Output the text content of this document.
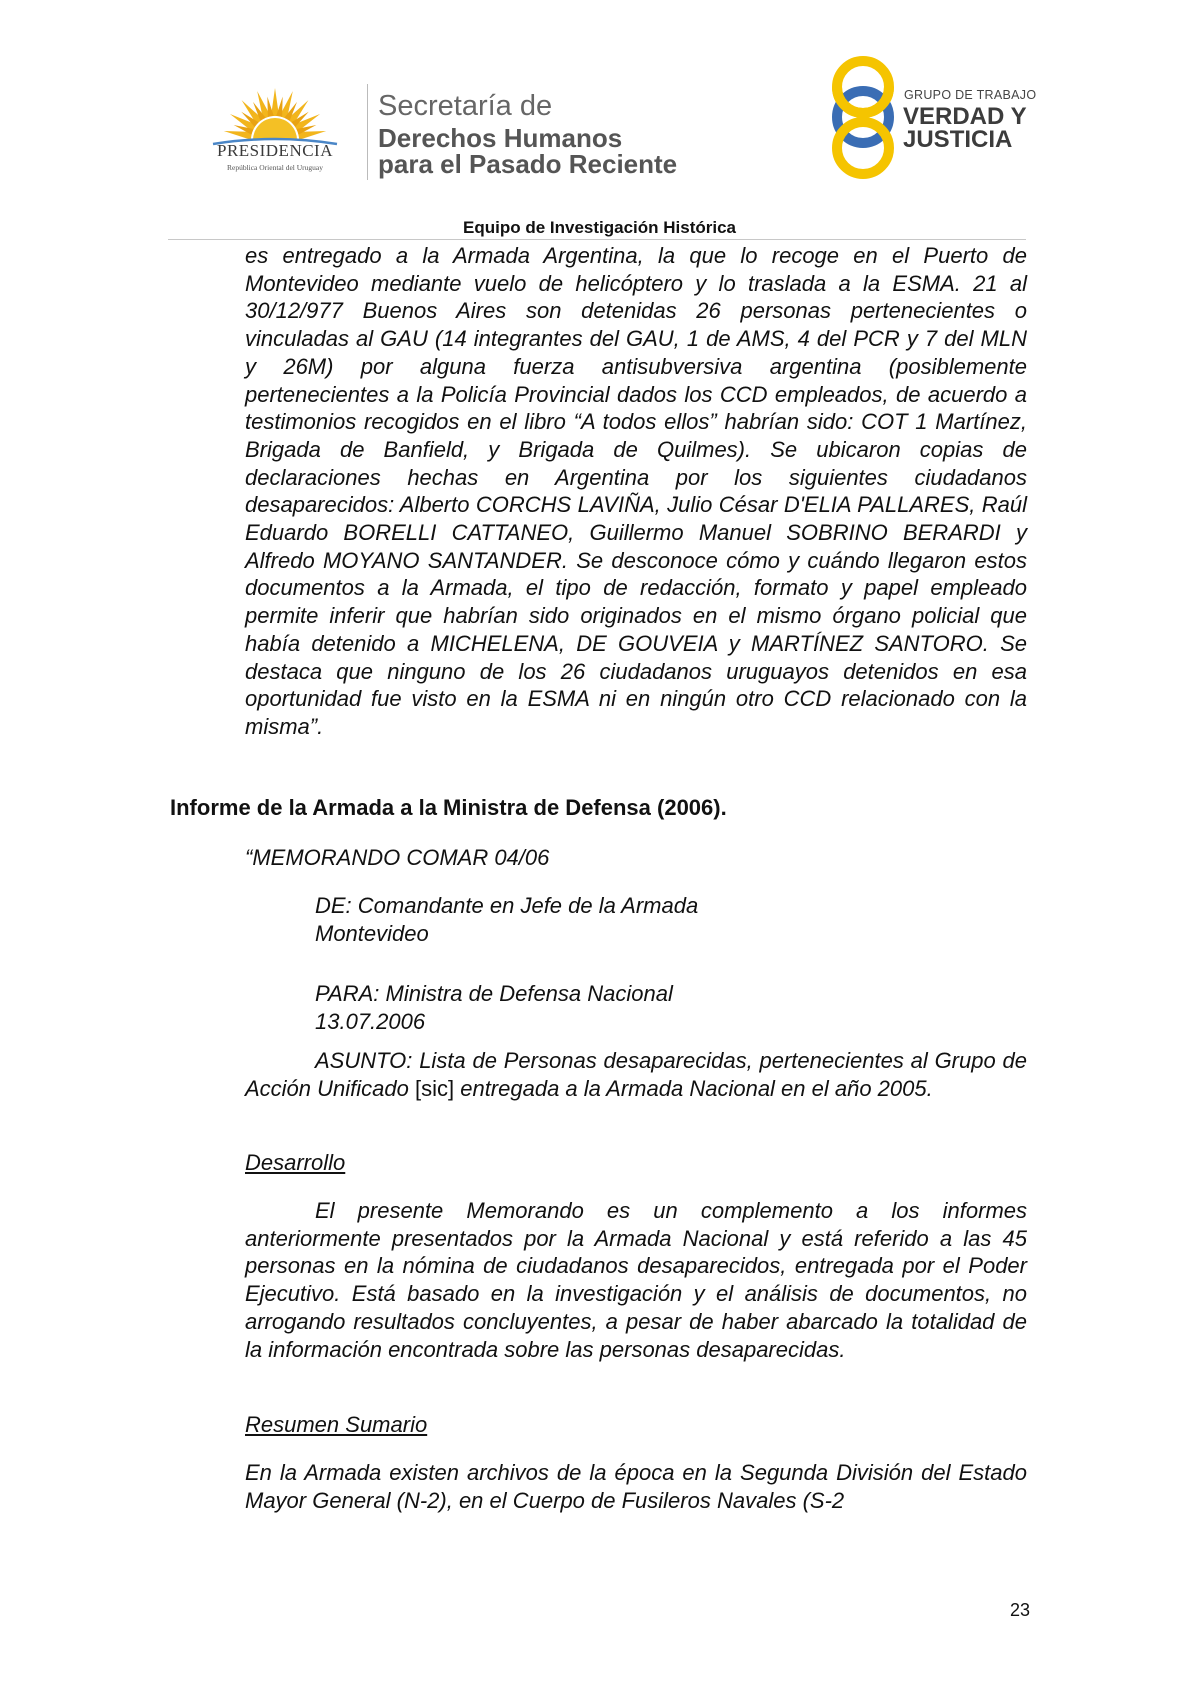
PRESIDENCIA
República Oriental del Uruguay
Secretaría de
Derechos Humanos
para el Pasado Reciente
GRUPO DE TRABAJO
VERDAD Y
JUSTICIA
Equipo de Investigación Histórica
es entregado a la Armada Argentina, la que lo recoge en el Puerto de Montevideo mediante vuelo de helicóptero y lo traslada a la ESMA. 21 al 30/12/977 Buenos Aires son detenidas 26 personas pertenecientes o vinculadas al GAU (14 integrantes del GAU, 1 de AMS, 4 del PCR y 7 del MLN y 26M) por alguna fuerza antisubversiva argentina (posiblemente pertenecientes a la Policía Provincial dados los CCD empleados, de acuerdo a testimonios recogidos en el libro “A todos ellos” habrían sido: COT 1 Martínez, Brigada de Banfield, y Brigada de Quilmes). Se ubicaron copias de declaraciones hechas en Argentina por los siguientes ciudadanos desaparecidos: Alberto CORCHS LAVIÑA, Julio César D'ELIA PALLARES, Raúl Eduardo BORELLI CATTANEO, Guillermo Manuel SOBRINO BERARDI y Alfredo MOYANO SANTANDER. Se desconoce cómo y cuándo llegaron estos documentos a la Armada, el tipo de redacción, formato y papel empleado permite inferir que habrían sido originados en el mismo órgano policial que había detenido a MICHELENA, DE GOUVEIA y MARTÍNEZ SANTORO. Se destaca que ninguno de los 26 ciudadanos uruguayos detenidos en esa oportunidad fue visto en la ESMA ni en ningún otro CCD relacionado con la misma”.
Informe de la Armada a la Ministra de Defensa (2006).
“MEMORANDO COMAR 04/06
DE: Comandante en Jefe de la Armada
Montevideo
PARA: Ministra de Defensa Nacional
13.07.2006
ASUNTO: Lista de Personas desaparecidas, pertenecientes al Grupo de Acción Unificado [sic] entregada a la Armada Nacional en el año 2005.
Desarrollo
El presente Memorando es un complemento a los informes anteriormente presentados por la Armada Nacional y está referido a las 45 personas en la nómina de ciudadanos desaparecidos, entregada por el Poder Ejecutivo. Está basado en la investigación y el análisis de documentos, no arrogando resultados concluyentes, a pesar de haber abarcado la totalidad de la información encontrada sobre las personas desaparecidas.
Resumen Sumario
En la Armada existen archivos de la época en la Segunda División del Estado Mayor General (N-2), en el Cuerpo de Fusileros Navales (S-2
23
